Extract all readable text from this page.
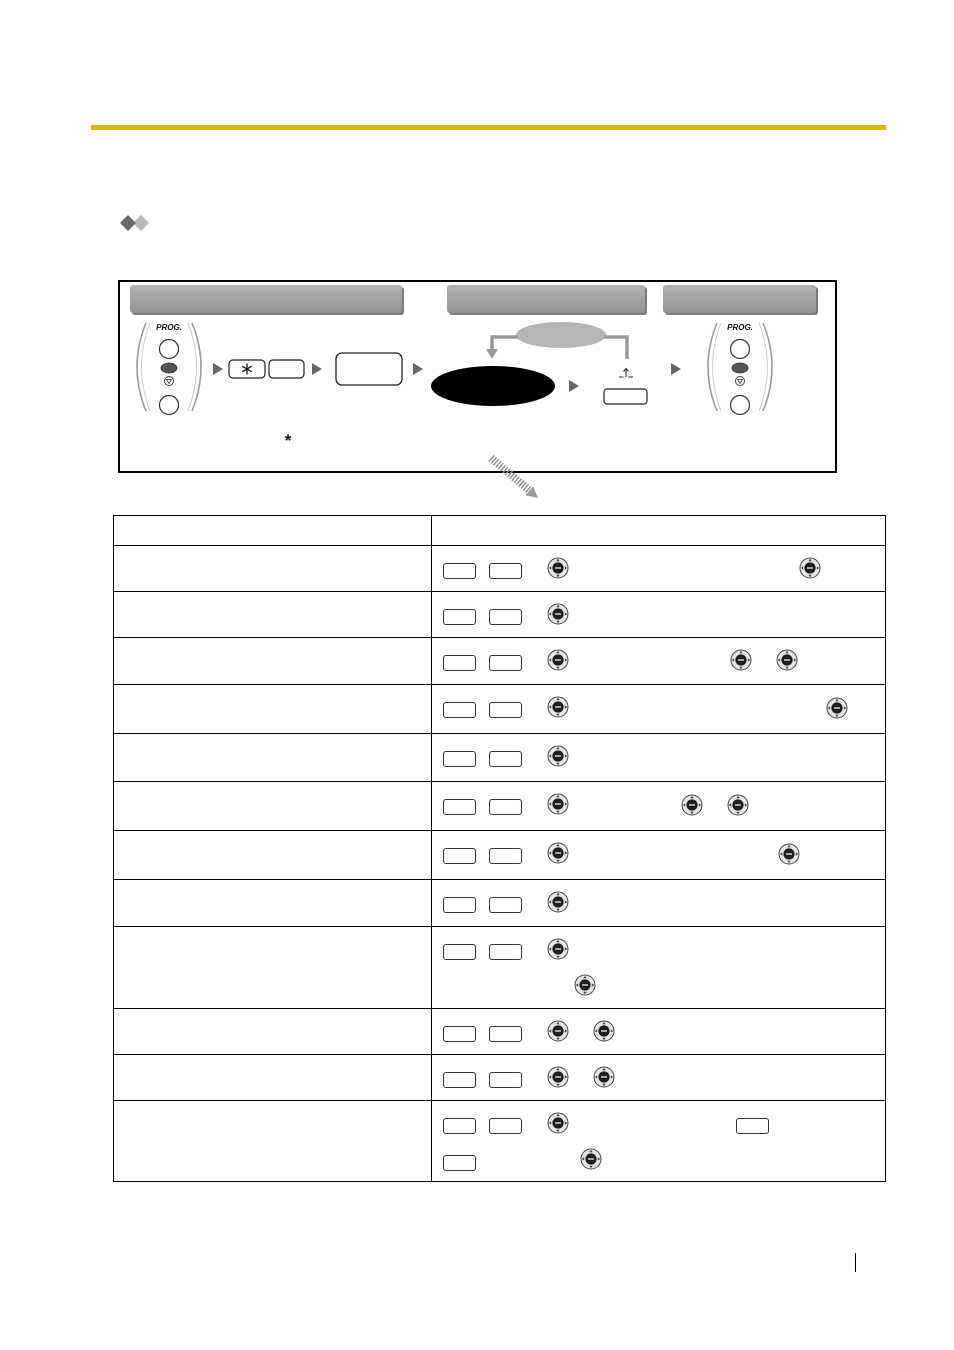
PROG.	PROG.
*
